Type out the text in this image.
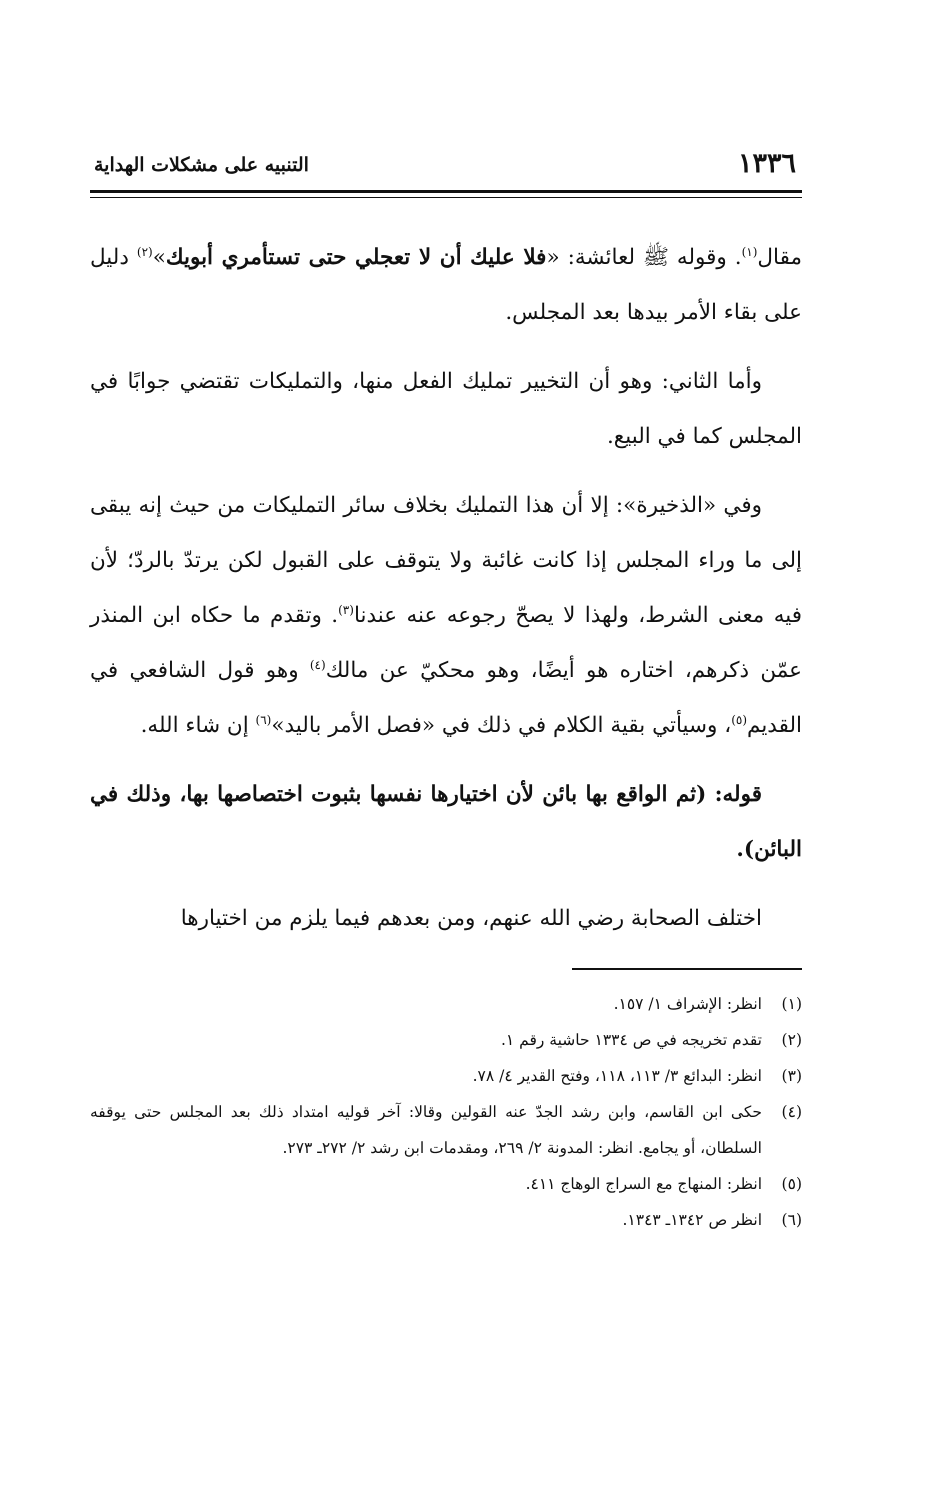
١٣٣٦
التنبيه على مشكلات الهداية

مقال$^{(١)}$. وقوله ﷺ لعائشة: «فلا عليك أن لا تعجلي حتى تستأمري أبويك»$^{(٢)}$ دليل على بقاء الأمر بيدها بعد المجلس.

وأما الثاني: وهو أن التخيير تمليك الفعل منها، والتمليكات تقتضي جوابًا في المجلس كما في البيع.

وفي «الذخيرة»: إلا أن هذا التمليك بخلاف سائر التمليكات من حيث إنه يبقى إلى ما وراء المجلس إذا كانت غائبة ولا يتوقف على القبول لكن يرتدّ بالردّ؛ لأن فيه معنى الشرط، ولهذا لا يصحّ رجوعه عنه عندنا$^{(٣)}$. وتقدم ما حكاه ابن المنذر عمّن ذكرهم، اختاره هو أيضًا، وهو محكيّ عن مالك$^{(٤)}$ وهو قول الشافعي في القديم$^{(٥)}$، وسيأتي بقية الكلام في ذلك في «فصل الأمر باليد»$^{(٦)}$ إن شاء الله.

قوله: (ثم الواقع بها بائن لأن اختيارها نفسها بثبوت اختصاصها بها، وذلك في البائن).

اختلف الصحابة رضي الله عنهم، ومن بعدهم فيما يلزم من اختيارها

(١)
انظر: الإشراف ١/ ١٥٧.
(٢)
تقدم تخريجه في ص ١٣٣٤ حاشية رقم ١.
(٣)
انظر: البدائع ٣/ ١١٣، ١١٨، وفتح القدير ٤/ ٧٨.
(٤)
حكى ابن القاسم، وابن رشد الجدّ عنه القولين وقالا: آخر قوليه امتداد ذلك بعد المجلس حتى يوقفه السلطان، أو يجامع. انظر: المدونة ٢/ ٢٦٩، ومقدمات ابن رشد ٢/ ٢٧٢ـ ٢٧٣.
(٥)
انظر: المنهاج مع السراج الوهاج ٤١١.
(٦)
انظر ص ١٣٤٢ـ ١٣٤٣.
